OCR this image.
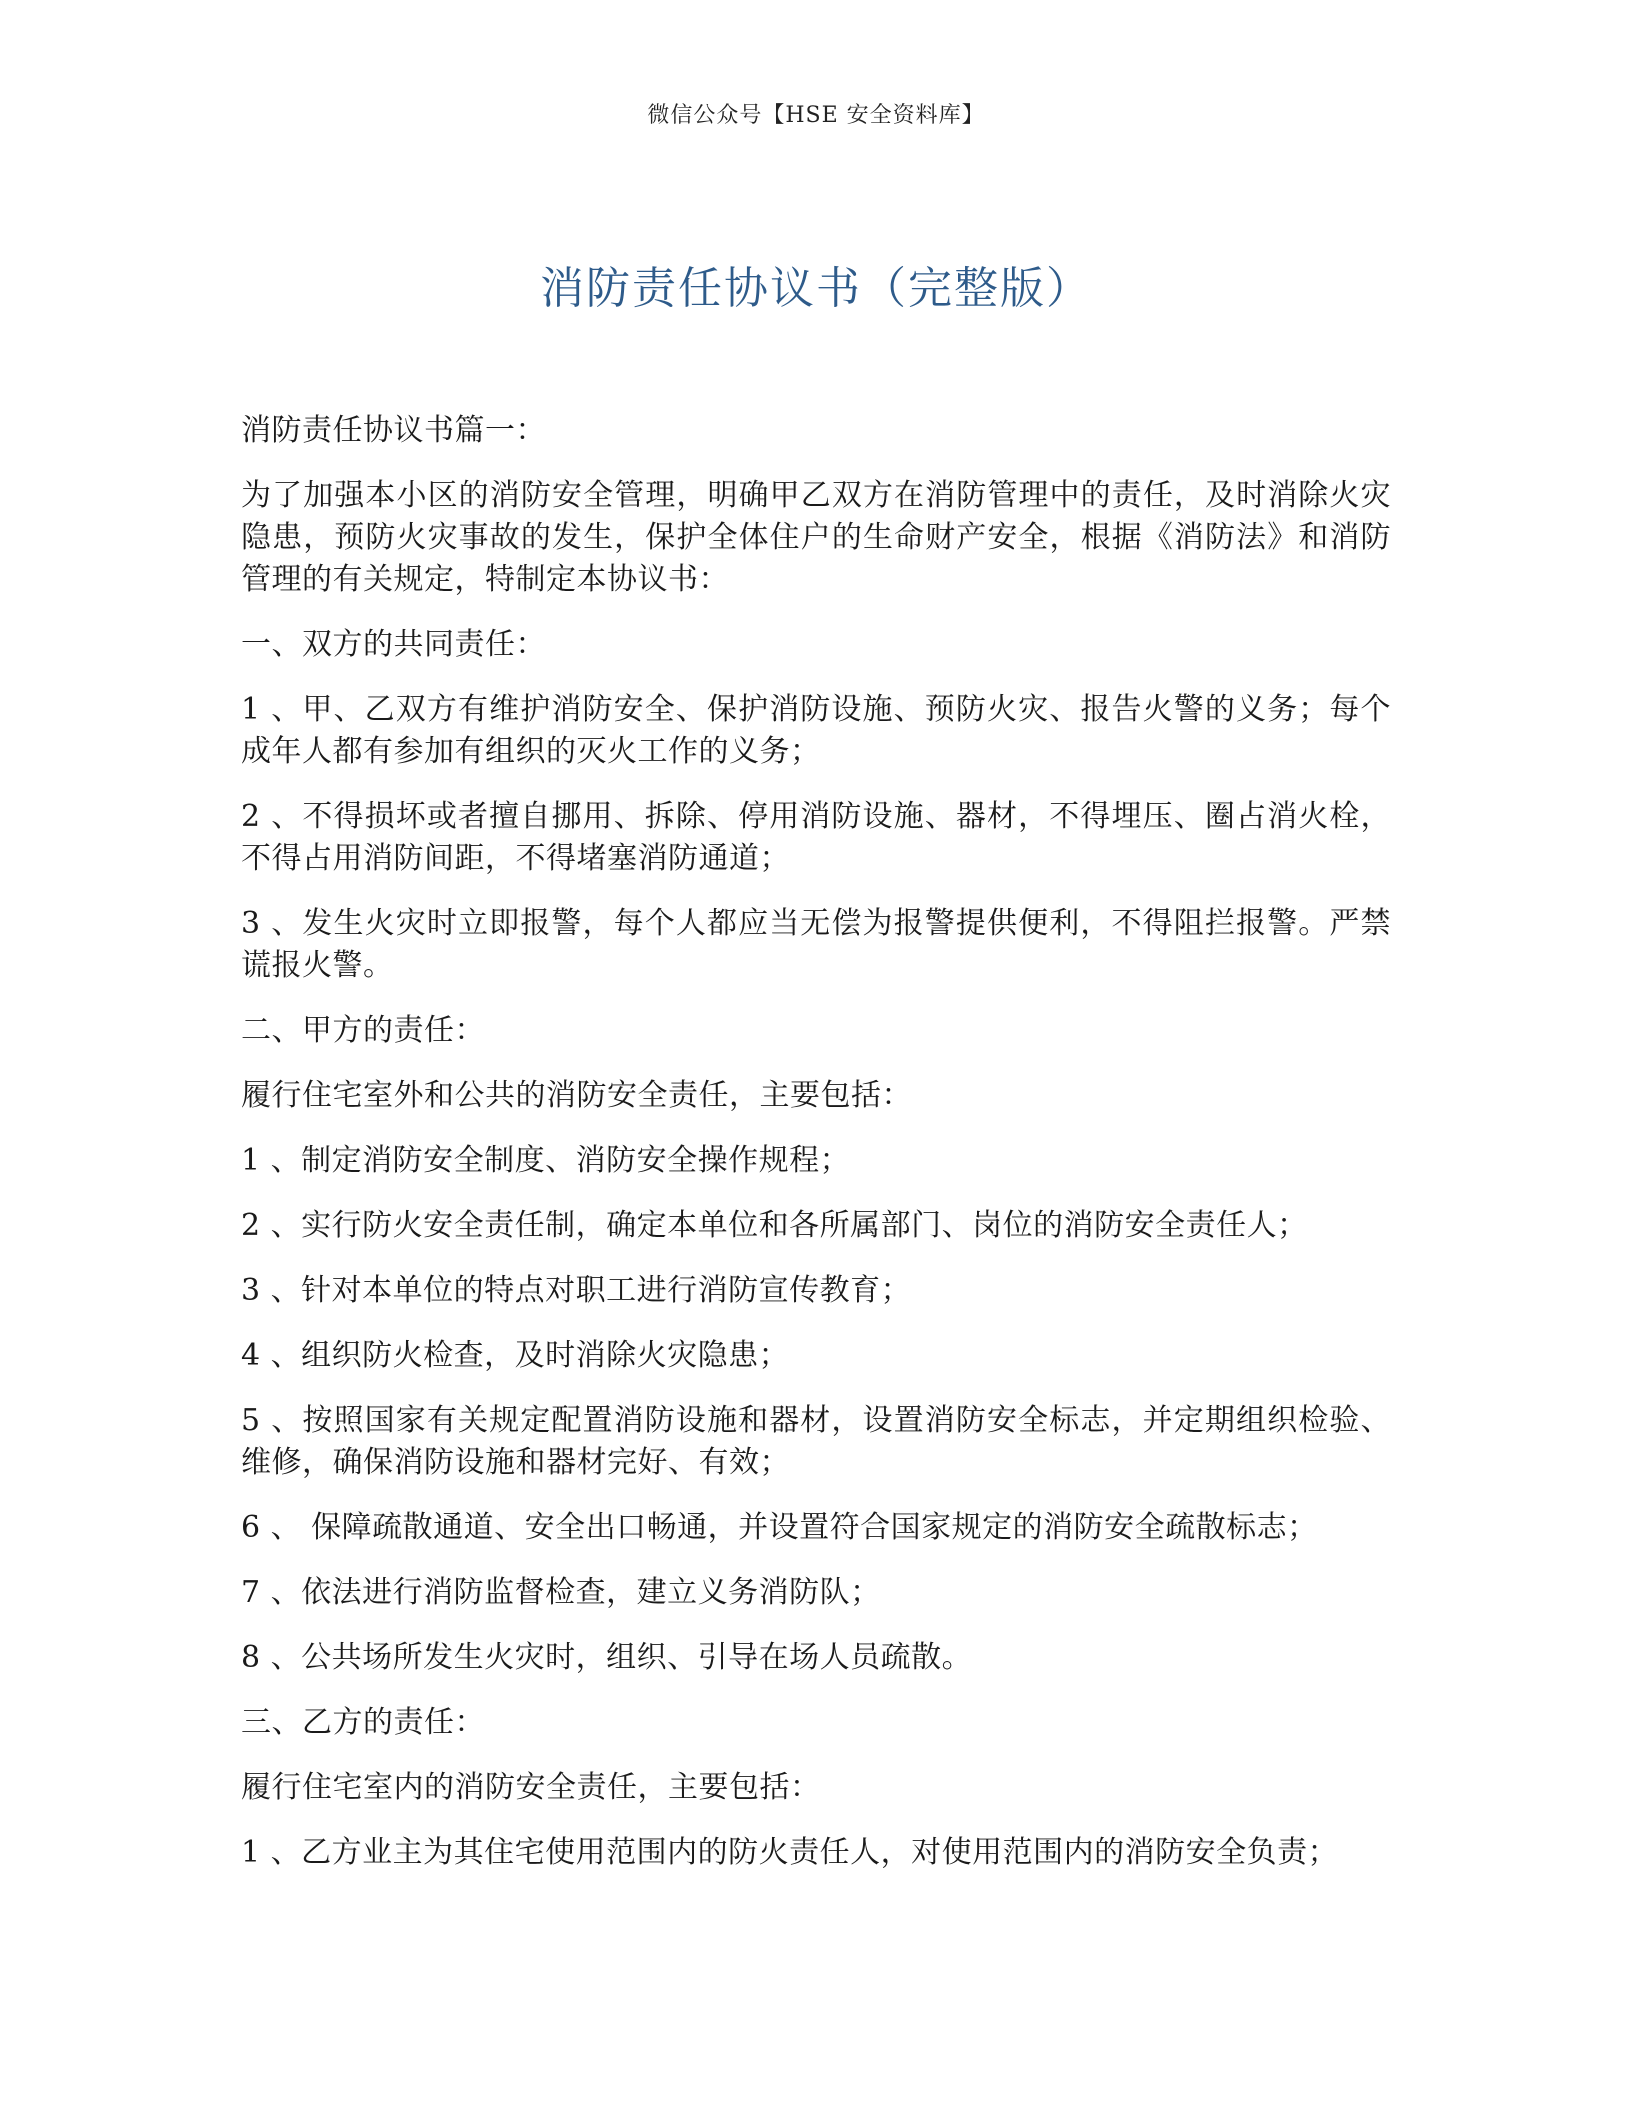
微信公众号【HSE 安全资料库】
消防责任协议书（完整版）

消防责任协议书篇一：

为了加强本小区的消防安全管理，明确甲乙双方在消防管理中的责任，及时消除火灾隐患，预防火灾事故的发生，保护全体住户的生命财产安全，根据《消防法》和消防管理的有关规定，特制定本协议书：

一、双方的共同责任：

1 、甲、乙双方有维护消防安全、保护消防设施、预防火灾、报告火警的义务；每个成年人都有参加有组织的灭火工作的义务；

2 、不得损坏或者擅自挪用、拆除、停用消防设施、器材，不得埋压、圈占消火栓，不得占用消防间距，不得堵塞消防通道；

3 、发生火灾时立即报警，每个人都应当无偿为报警提供便利，不得阻拦报警。严禁谎报火警。

二、甲方的责任：

履行住宅室外和公共的消防安全责任，主要包括：

1 、制定消防安全制度、消防安全操作规程；

2 、实行防火安全责任制，确定本单位和各所属部门、岗位的消防安全责任人；

3 、针对本单位的特点对职工进行消防宣传教育；

4 、组织防火检查，及时消除火灾隐患；

5 、按照国家有关规定配置消防设施和器材，设置消防安全标志，并定期组织检验、维修，确保消防设施和器材完好、有效；

6 、 保障疏散通道、安全出口畅通，并设置符合国家规定的消防安全疏散标志；

7 、依法进行消防监督检查，建立义务消防队；

8 、公共场所发生火灾时，组织、引导在场人员疏散。

三、乙方的责任：

履行住宅室内的消防安全责任，主要包括：

1 、乙方业主为其住宅使用范围内的防火责任人，对使用范围内的消防安全负责；
